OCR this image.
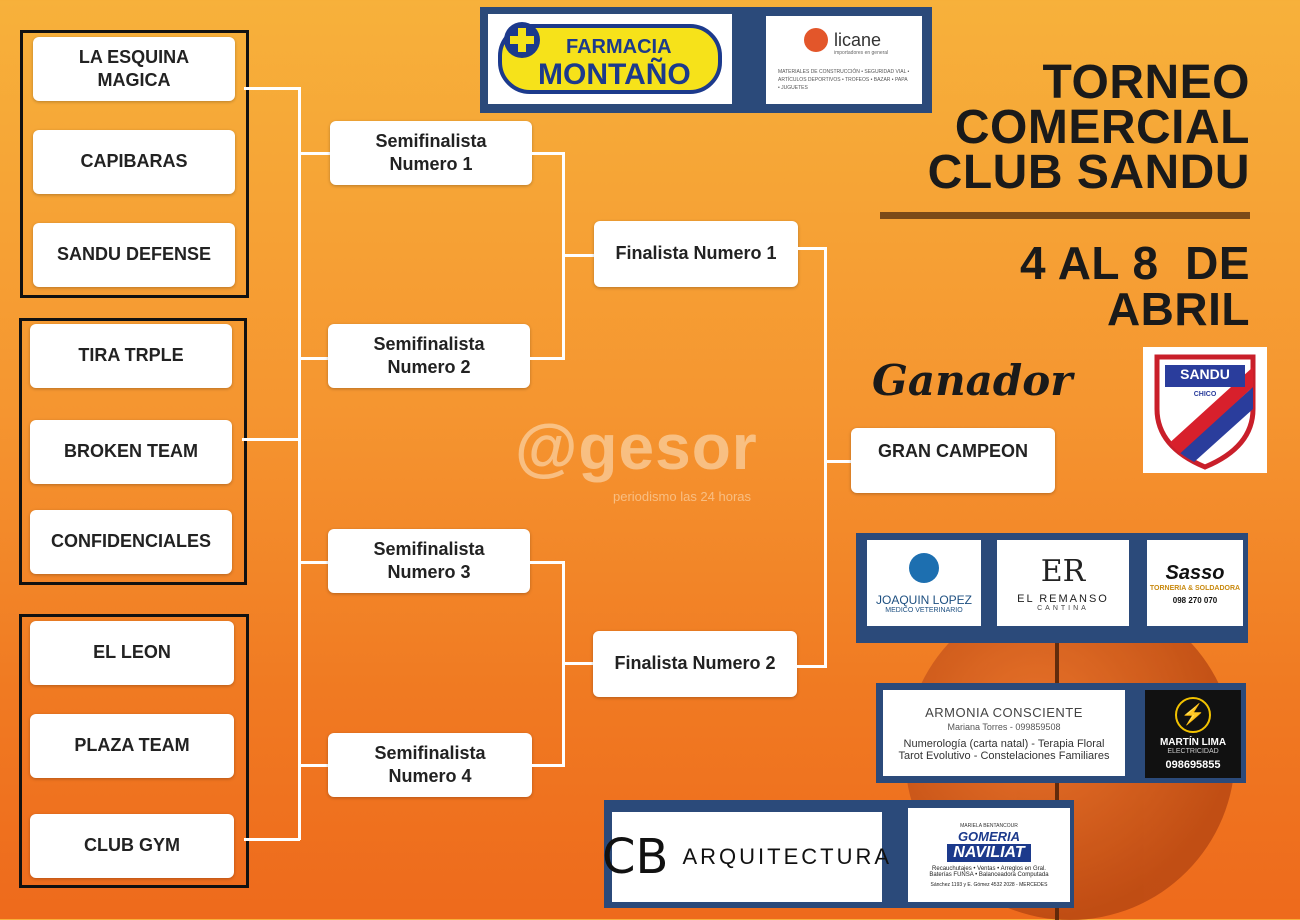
LA ESQUINA MAGICA
CAPIBARAS
SANDU DEFENSE
TIRA TRPLE
BROKEN TEAM
CONFIDENCIALES
EL LEON
PLAZA TEAM
CLUB GYM
Semifinalista Numero 1
Semifinalista Numero 2
Semifinalista Numero 3
Semifinalista Numero 4
Finalista Numero 1
Finalista Numero 2
Ganador
GRAN CAMPEON
@gesor
periodismo las 24 horas
TORNEO
COMERCIAL
CLUB SANDU
4 AL 8  DE
ABRIL
SANDU
CHICO
FARMACIA
MONTAÑO
licane
importadores en general
MATERIALES DE CONSTRUCCIÓN • SEGURIDAD VIAL • ARTÍCULOS DEPORTIVOS • TROFEOS • BAZAR • PAPA • JUGUETES
JOAQUIN LOPEZ
MEDICO VETERINARIO
ER
EL REMANSO
CANTINA
Sasso
TORNERIA & SOLDADORA
098 270 070
ARMONIA CONSCIENTE
Mariana Torres - 099859508
Numerología (carta natal) - Terapia Floral
Tarot Evolutivo - Constelaciones Familiares
⚡
MARTÍN LIMA
ELECTRICIDAD
098695855
CB ARQUITECTURA
MARIELA BENTANCOUR
GOMERIA
NAVILIAT
Recauchutajes • Ventas • Arreglos en Gral.
Baterías FUNSA • Balanceadora Computada
Sánchez 1193 y E. Gómez 4532 2028 - MERCEDES
